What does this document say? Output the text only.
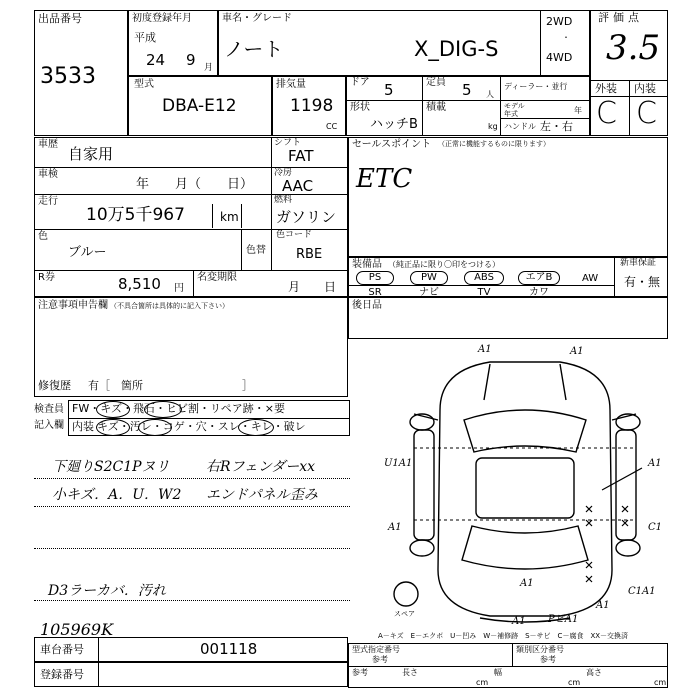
出品番号
3533
初度登録年月
平成
24 9 月
車名・グレード
ノート	X_DIG-S
2WD
・
4WD
評価点
3.5
外装 内装
C C
型式
DBA-E12
排気量
1198
CC
ドア 5	定員 5 人
形状
ハッチB
積載
kg
ディーラー・並行
モデル年式	年
ハンドル 左・右
車歴
自家用
シフト
FAT
車検
年　　月（　　日）
冷房
AAC
走行
10万5千967	km
燃料
ガソリン
色
ブルー	色替
色コード
RBE
R券	8,510 円
名変期限
月　　日
注意事項申告欄 （不具合箇所は具体的に記入下さい）
修復歴 有［　箇所　　　　　　　　　］
セールスポイント （正常に機能するものに限ります）
ETC
装備品 （純正品に限り〇印をつける）
PS	PW	ABS	エアB	AW
SR	ナビ	TV	カワ
新車保証
有・無
後日品
検査員
記入欄
FW・キズ・飛石・ヒビ割・リペア跡・×要
内装 キズ・汚レ・コゲ・穴・スレ・キレ・破レ
下廻りS2C1Pヌリ	右Rフェンダーxx
小キズ．A．U．W2 エンドパネル歪み
D3ラーカバ．汚れ
105969K
A1	A1
U1A1
A1
A1
C1
C1A1
A1
A1 PビA1
A1
スペア
A－キズ　E－エクボ　U－凹み　W－補修跡　S－サビ　C－腐食　XX－交換済
車台番号	001118
登録番号
型式指定番号
参考
類別区分番号
参考
長さ
参考
cm
幅
cm
高さ
cm
